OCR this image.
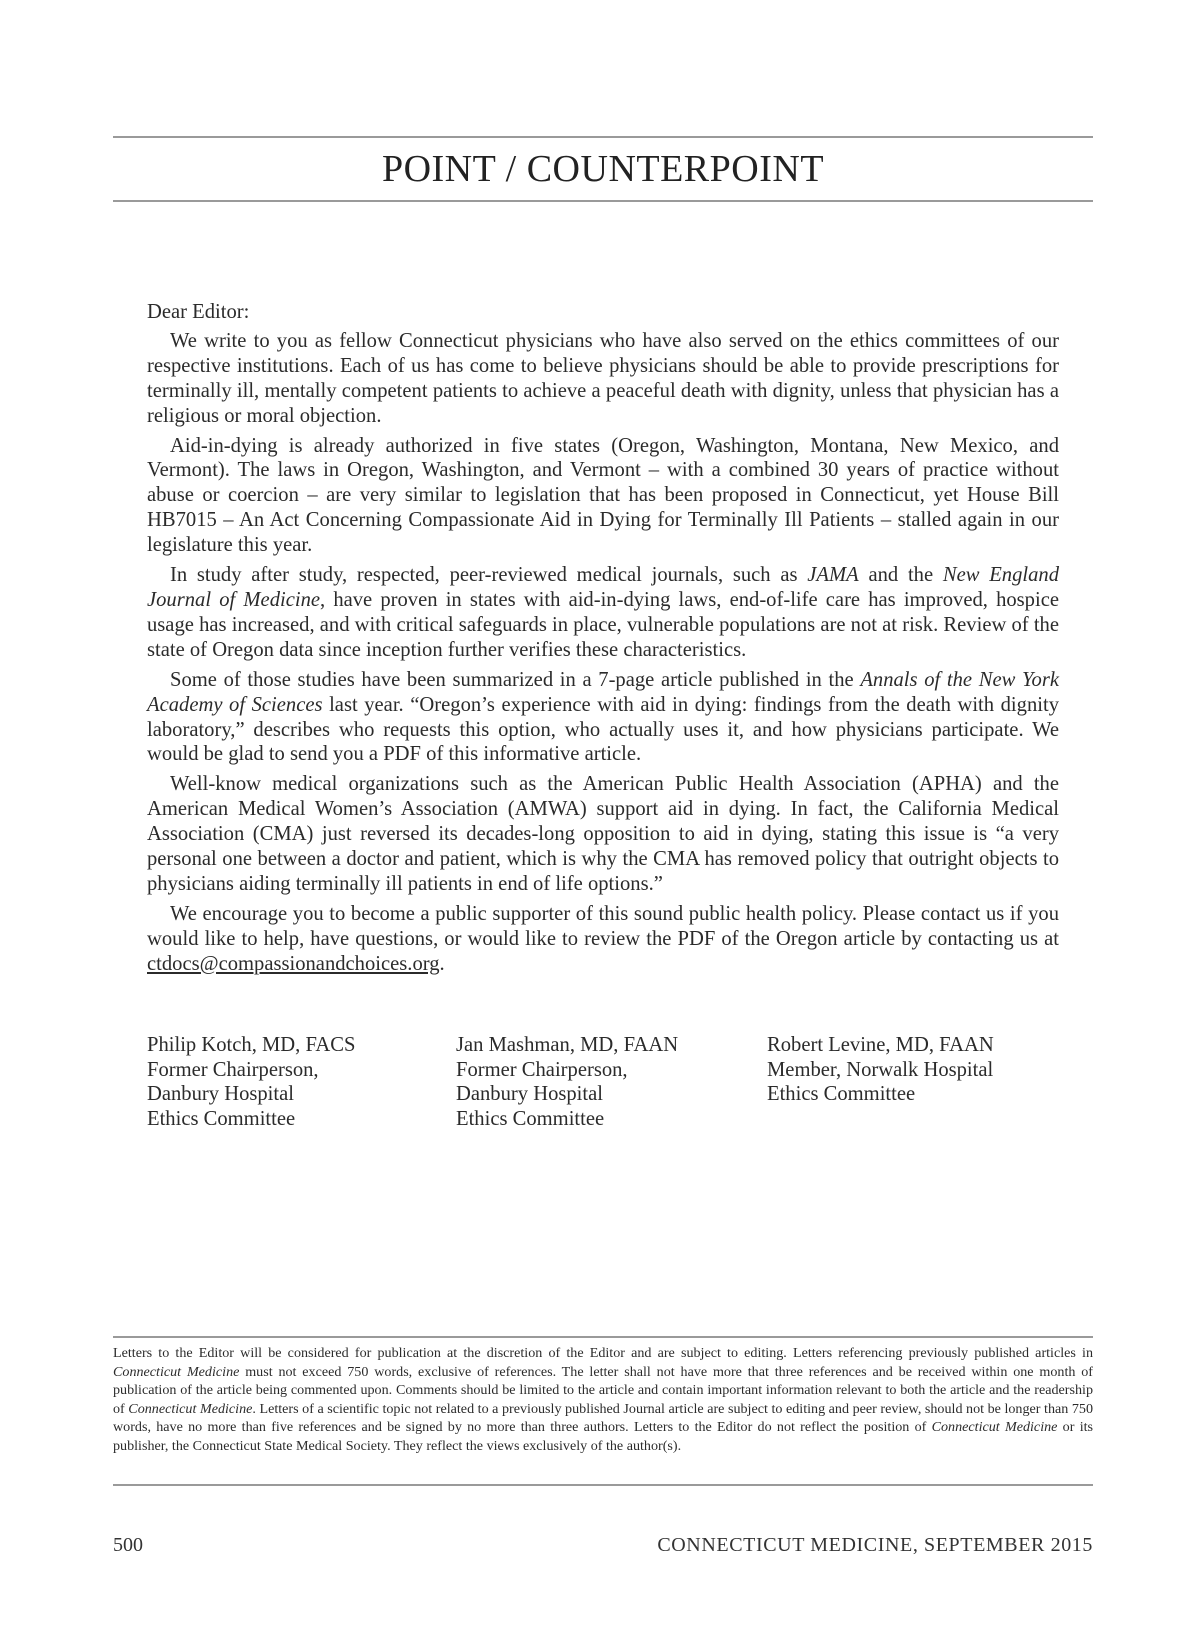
POINT / COUNTERPOINT

Dear Editor:

We write to you as fellow Connecticut physicians who have also served on the ethics committees of our respective institutions. Each of us has come to believe physicians should be able to provide prescriptions for terminally ill, mentally competent patients to achieve a peaceful death with dignity, unless that physician has a religious or moral objection.

Aid-in-dying is already authorized in five states (Oregon, Washington, Montana, New Mexico, and Vermont). The laws in Oregon, Washington, and Vermont – with a combined 30 years of practice without abuse or coercion – are very similar to legislation that has been proposed in Connecticut, yet House Bill HB7015 – An Act Concerning Compassionate Aid in Dying for Terminally Ill Patients – stalled again in our legislature this year.

In study after study, respected, peer-reviewed medical journals, such as JAMA and the New England Journal of Medicine, have proven in states with aid-in-dying laws, end-of-life care has improved, hospice usage has increased, and with critical safeguards in place, vulnerable populations are not at risk. Review of the state of Oregon data since inception further verifies these characteristics.

Some of those studies have been summarized in a 7-page article published in the Annals of the New York Academy of Sciences last year. “Oregon’s experience with aid in dying: findings from the death with dignity laboratory,” describes who requests this option, who actually uses it, and how physicians participate. We would be glad to send you a PDF of this informative article.

Well-know medical organizations such as the American Public Health Association (APHA) and the American Medical Women’s Association (AMWA) support aid in dying. In fact, the California Medical Association (CMA) just reversed its decades-long opposition to aid in dying, stating this issue is “a very personal one between a doctor and patient, which is why the CMA has removed policy that outright objects to physicians aiding terminally ill patients in end of life options.”

We encourage you to become a public supporter of this sound public health policy. Please contact us if you would like to help, have questions, or would like to review the PDF of the Oregon article by contacting us at ctdocs@compassionandchoices.org.

Philip Kotch, MD, FACS
Former Chairperson,
Danbury Hospital
Ethics Committee
Jan Mashman, MD, FAAN
Former Chairperson,
Danbury Hospital
Ethics Committee
Robert Levine, MD, FAAN
Member, Norwalk Hospital
Ethics Committee
Letters to the Editor will be considered for publication at the discretion of the Editor and are subject to editing. Letters referencing previously published articles in Connecticut Medicine must not exceed 750 words, exclusive of references. The letter shall not have more that three references and be received within one month of publication of the article being commented upon. Comments should be limited to the article and contain important information relevant to both the article and the readership of Connecticut Medicine. Letters of a scientific topic not related to a previously published Journal article are subject to editing and peer review, should not be longer than 750 words, have no more than five references and be signed by no more than three authors. Letters to the Editor do not reflect the position of Connecticut Medicine or its publisher, the Connecticut State Medical Society. They reflect the views exclusively of the author(s).
500	CONNECTICUT MEDICINE, SEPTEMBER 2015
